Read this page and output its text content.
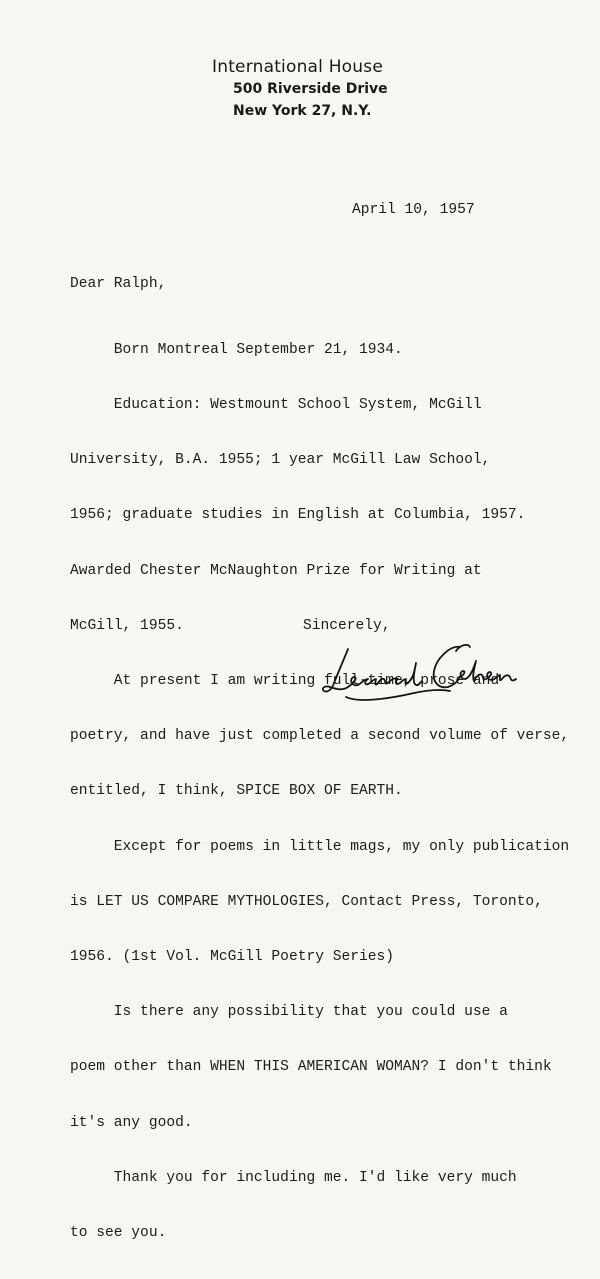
International House

500 Riverside Drive

New York 27, N.Y.

April 10, 1957

Dear Ralph,

Born Montreal September 21, 1934.

Education: Westmount School System, McGill

University, B.A. 1955; 1 year McGill Law School,

1956; graduate studies in English at Columbia, 1957.

Awarded Chester McNaughton Prize for Writing at

McGill, 1955.

At present I am writing full-time, prose and

poetry, and have just completed a second volume of verse,

entitled, I think, SPICE BOX OF EARTH.

Except for poems in little mags, my only publication

is LET US COMPARE MYTHOLOGIES, Contact Press, Toronto,

1956. (1st Vol. McGill Poetry Series)

Is there any possibility that you could use a

poem other than WHEN THIS AMERICAN WOMAN? I don't think

it's any good.

Thank you for including me. I'd like very much

to see you.

Sincerely,
